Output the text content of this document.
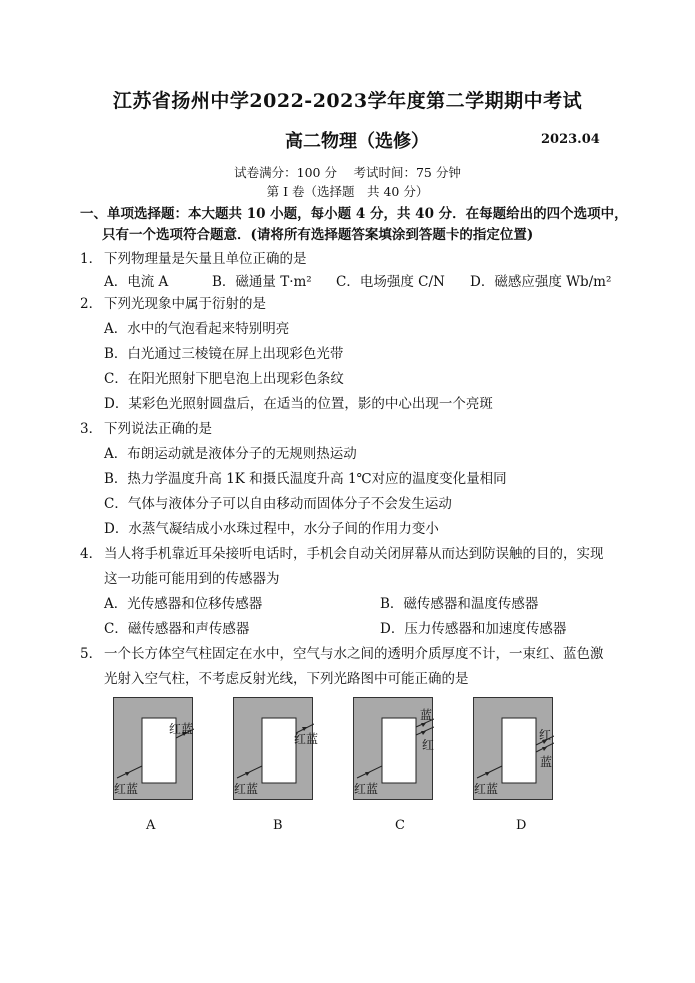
江苏省扬州中学2022-2023学年度第二学期期中考试
高二物理（选修）	2023.04
试卷满分：100 分　 考试时间：75 分钟
第 I 卷（选择题　共 40 分）
一、单项选择题：本大题共 10 小题，每小题 4 分，共 40 分．在每题给出的四个选项中，
只有一个选项符合题意．(请将所有选择题答案填涂到答题卡的指定位置)
1． 下列物理量是矢量且单位正确的是
A．电流 A	B．磁通量 T·m² C．电场强度 C/N D．磁感应强度 Wb/m²
2． 下列光现象中属于衍射的是
A．水中的气泡看起来特别明亮
B．白光通过三棱镜在屏上出现彩色光带
C．在阳光照射下肥皂泡上出现彩色条纹
D．某彩色光照射圆盘后，在适当的位置，影的中心出现一个亮斑
3． 下列说法正确的是
A．布朗运动就是液体分子的无规则热运动
B．热力学温度升高 1K 和摄氏温度升高 1℃对应的温度变化量相同
C．气体与液体分子可以自由移动而固体分子不会发生运动
D．水蒸气凝结成小水珠过程中，水分子间的作用力变小
4． 当人将手机靠近耳朵接听电话时，手机会自动关闭屏幕从而达到防误触的目的，实现
这一功能可能用到的传感器为
A．光传感器和位移传感器	B．磁传感器和温度传感器
C．磁传感器和声传感器	D．压力传感器和加速度传感器
5． 一个长方体空气柱固定在水中，空气与水之间的透明介质厚度不计，一束红、蓝色激
光射入空气柱，不考虑反射光线，下列光路图中可能正确的是
红蓝
红蓝
A
红蓝
红蓝
B
红蓝
蓝
红
C
红蓝
红
蓝
D
